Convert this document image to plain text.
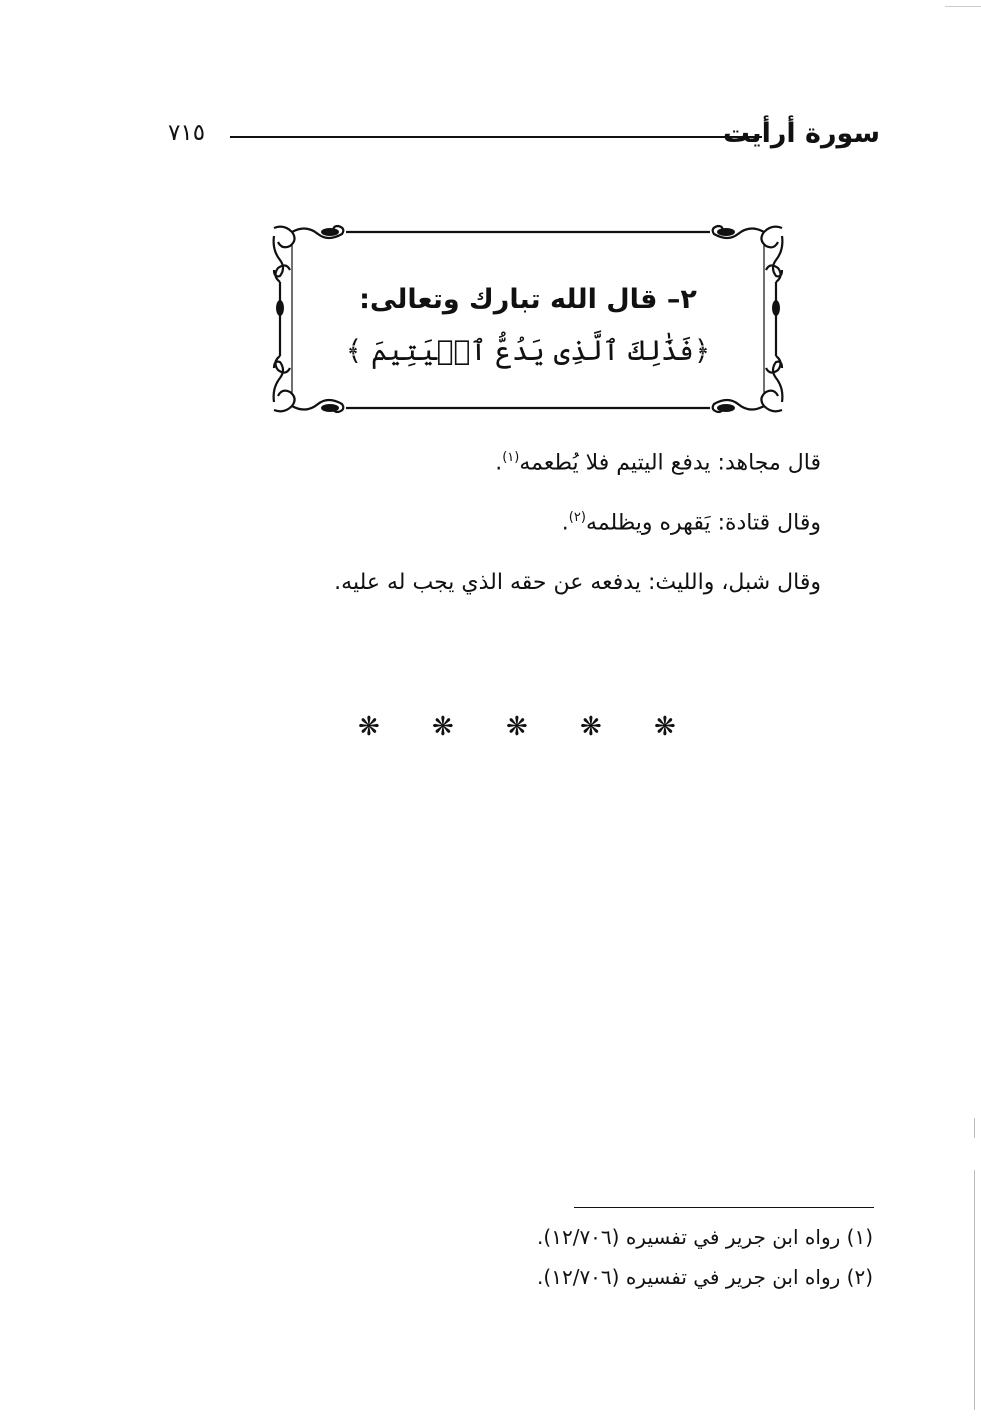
سورة أرأيت
٧١٥
٢– قال الله تبارك وتعالى:
﴿فَذَٰلِكَ ٱلَّذِى يَدُعُّ ٱلۡيَتِيمَ ﴾
قال مجاهد: يدفع اليتيم فلا يُطعمه$^{(١)}$.
وقال قتادة: يَقهره ويظلمه$^{(٢)}$.
وقال شبل، والليث: يدفعه عن حقه الذي يجب له عليه.
❋ ❋ ❋ ❋ ❋
(١) رواه ابن جرير في تفسيره (١٢/٧٠٦).
(٢) رواه ابن جرير في تفسيره (١٢/٧٠٦).
